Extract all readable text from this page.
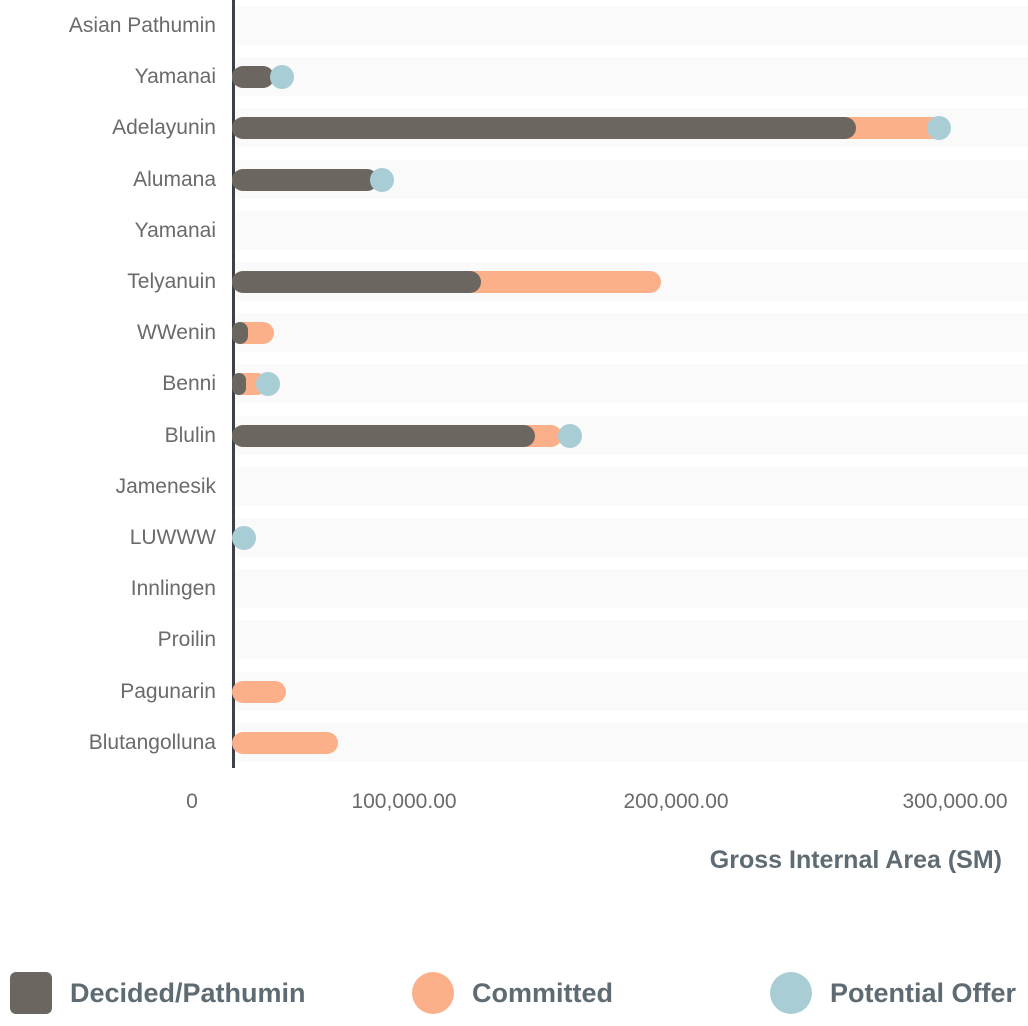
Asian Pathumin
Yamanai
Adelayunin
Alumana
Yamanai
Telyanuin
WWenin
Benni
Blulin
Jamenesik
LUWWW
Innlingen
Proilin
Pagunarin
Blutangolluna
0	100,000.00	200,000.00	300,000.00
Gross Internal Area (SM)
Decided/Pathumin	Committed	Potential Offer
